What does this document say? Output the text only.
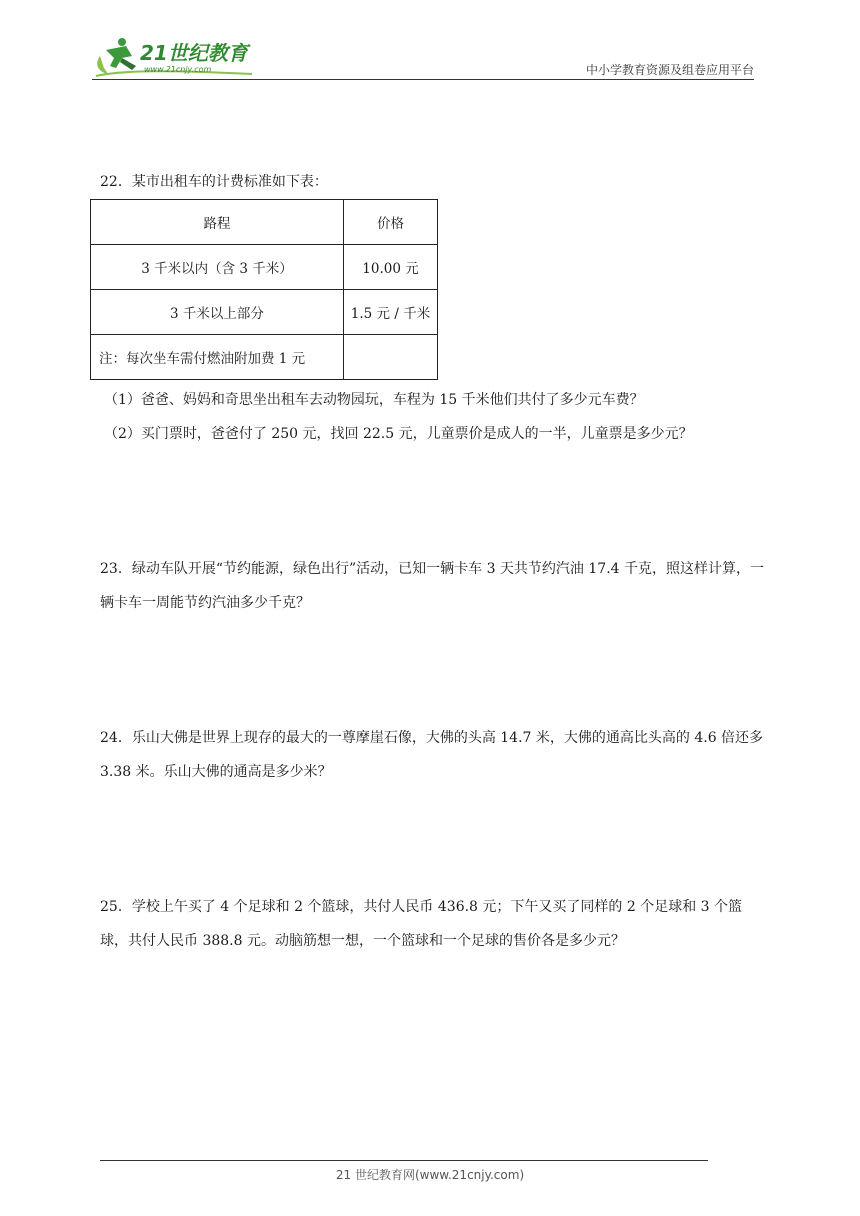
21世纪教育
www.21cnjy.com	中小学教育资源及组卷应用平台
22．某市出租车的计费标准如下表：
路程	价格
3 千米以内（含 3 千米）	10.00 元
3 千米以上部分	1.5 元 / 千米
注：每次坐车需付燃油附加费 1 元	
（1）爸爸、妈妈和奇思坐出租车去动物园玩，车程为 15 千米他们共付了多少元车费？
（2）买门票时，爸爸付了 250 元，找回 22.5 元，儿童票价是成人的一半，儿童票是多少元？
23．绿动车队开展“节约能源，绿色出行”活动，已知一辆卡车 3 天共节约汽油 17.4 千克，照这样计算，一辆卡车一周能节约汽油多少千克？
24．乐山大佛是世界上现存的最大的一尊摩崖石像，大佛的头高 14.7 米，大佛的通高比头高的 4.6 倍还多 3.38 米。乐山大佛的通高是多少米？
25．学校上午买了 4 个足球和 2 个篮球，共付人民币 436.8 元；下午又买了同样的 2 个足球和 3 个篮球，共付人民币 388.8 元。动脑筋想一想，一个篮球和一个足球的售价各是多少元？
21 世纪教育网(www.21cnjy.com)
